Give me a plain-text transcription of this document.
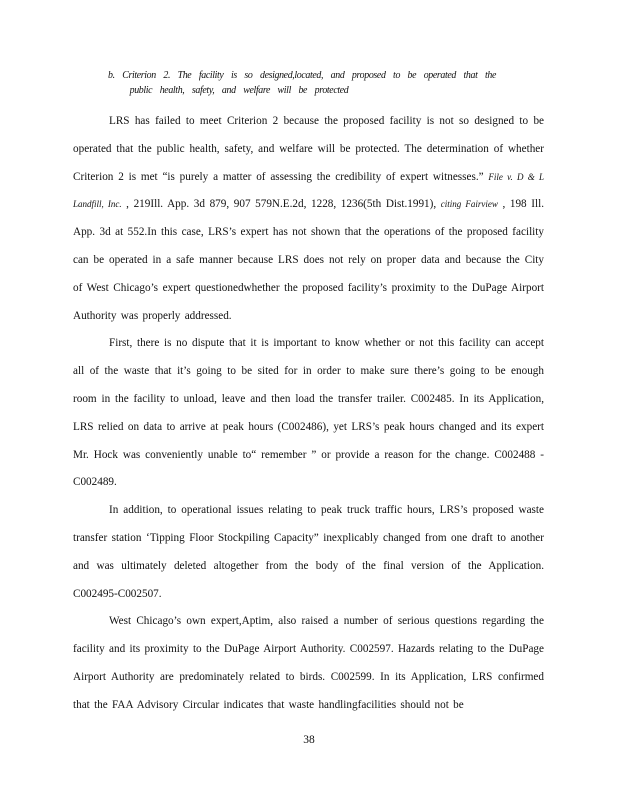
b. Criterion 2. The facility is so designed,located, and proposed to be operated that the
public health, safety, and welfare will be protected

LRS has failed to meet Criterion 2 because the proposed facility is not so designed to be operated that the public health, safety, and welfare will be protected. The determination of whether Criterion 2 is met “is purely a matter of assessing the credibility of expert witnesses.” File v. D & L Landfill, Inc. , 219Ill. App. 3d 879, 907 579N.E.2d, 1228, 1236(5th Dist.1991), citing Fairview , 198 Ill. App. 3d at 552.In this case, LRS’s expert has not shown that the operations of the proposed facility can be operated in a safe manner because LRS does not rely on proper data and because the City of West Chicago’s expert questionedwhether the proposed facility’s proximity to the DuPage Airport Authority was properly addressed.

First, there is no dispute that it is important to know whether or not this facility can accept all of the waste that it’s going to be sited for in order to make sure there’s going to be enough room in the facility to unload, leave and then load the transfer trailer. C002485. In its Application, LRS relied on data to arrive at peak hours (C002486), yet LRS’s peak hours changed and its expert Mr. Hock was conveniently unable to“ remember ” or provide a reason for the change. C002488 - C002489.

In addition, to operational issues relating to peak truck traffic hours, LRS’s proposed waste transfer station ‘Tipping Floor Stockpiling Capacity” inexplicably changed from one draft to another and was ultimately deleted altogether from the body of the final version of the Application. C002495-C002507.

West Chicago’s own expert,Aptim, also raised a number of serious questions regarding the facility and its proximity to the DuPage Airport Authority. C002597. Hazards relating to the DuPage Airport Authority are predominately related to birds. C002599. In its Application, LRS confirmed that the FAA Advisory Circular indicates that waste handlingfacilities should not be

38
